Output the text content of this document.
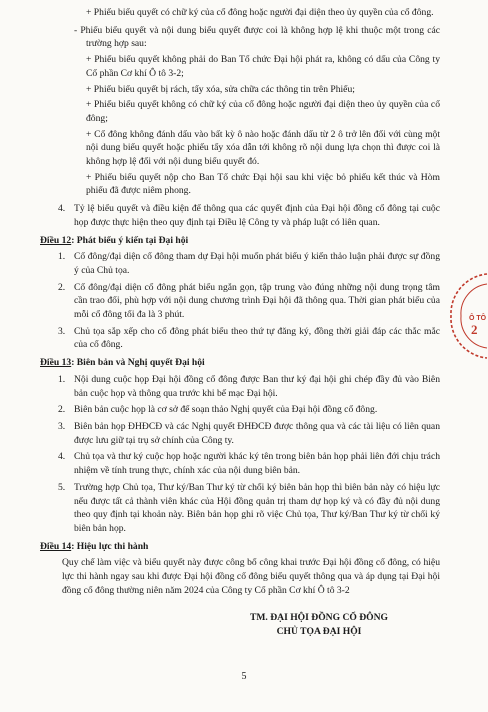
+ Phiếu biểu quyết có chữ ký của cổ đông hoặc người đại diện theo ủy quyền của cổ đông.

- Phiếu biểu quyết và nội dung biểu quyết được coi là không hợp lệ khi thuộc một trong các trường hợp sau:

+ Phiếu biểu quyết không phải do Ban Tổ chức Đại hội phát ra, không có dấu của Công ty Cổ phần Cơ khí Ô tô 3-2;

+ Phiếu biểu quyết bị rách, tẩy xóa, sửa chữa các thông tin trên Phiếu;

+ Phiếu biểu quyết không có chữ ký của cổ đông hoặc người đại diện theo ủy quyền của cổ đông;

+ Cổ đông không đánh dấu vào bất kỳ ô nào hoặc đánh dấu từ 2 ô trở lên đối với cùng một nội dung biểu quyết hoặc phiếu tẩy xóa dẫn tới không rõ nội dung lựa chọn thì được coi là không hợp lệ đối với nội dung biểu quyết đó.

+ Phiếu biểu quyết nộp cho Ban Tổ chức Đại hội sau khi việc bỏ phiếu kết thúc và Hòm phiếu đã được niêm phong.

4. Tỷ lệ biểu quyết và điều kiện để thông qua các quyết định của Đại hội đồng cổ đông tại cuộc họp được thực hiện theo quy định tại Điều lệ Công ty và pháp luật có liên quan.

Điều 12: Phát biểu ý kiến tại Đại hội

1. Cổ đông/đại diện cổ đông tham dự Đại hội muốn phát biểu ý kiến thảo luận phải được sự đồng ý của Chủ tọa.
2. Cổ đông/đại diện cổ đông phát biểu ngắn gọn, tập trung vào đúng những nội dung trọng tâm cần trao đổi, phù hợp với nội dung chương trình Đại hội đã thông qua. Thời gian phát biểu của mỗi cổ đông tối đa là 3 phút.
3. Chủ tọa sắp xếp cho cổ đông phát biểu theo thứ tự đăng ký, đồng thời giải đáp các thắc mắc của cổ đông.

Điều 13: Biên bản và Nghị quyết Đại hội

1. Nội dung cuộc họp Đại hội đồng cổ đông được Ban thư ký đại hội ghi chép đầy đủ vào Biên bản cuộc họp và thông qua trước khi bế mạc Đại hội.
2. Biên bản cuộc họp là cơ sở để soạn thảo Nghị quyết của Đại hội đồng cổ đông.
3. Biên bản họp ĐHĐCĐ và các Nghị quyết ĐHĐCĐ được thông qua và các tài liệu có liên quan được lưu giữ tại trụ sở chính của Công ty.
4. Chủ tọa và thư ký cuộc họp hoặc người khác ký tên trong biên bản họp phải liên đới chịu trách nhiệm về tính trung thực, chính xác của nội dung biên bản.
5. Trường hợp Chủ tọa, Thư ký/Ban Thư ký từ chối ký biên bản họp thì biên bản này có hiệu lực nếu được tất cả thành viên khác của Hội đồng quản trị tham dự họp ký và có đầy đủ nội dung theo quy định tại khoản này. Biên bản họp ghi rõ việc Chủ tọa, Thư ký/Ban Thư ký từ chối ký biên bản họp.

Điều 14: Hiệu lực thi hành

Quy chế làm việc và biểu quyết này được công bố công khai trước Đại hội đồng cổ đông, có hiệu lực thi hành ngay sau khi được Đại hội đồng cổ đông biểu quyết thông qua và áp dụng tại Đại hội đồng cổ đông thường niên năm 2024 của Công ty Cổ phần Cơ khí Ô tô 3-2

TM. ĐẠI HỘI ĐỒNG CỔ ĐÔNG

CHỦ TỌA ĐẠI HỘI

Ô TÔ
2
5
